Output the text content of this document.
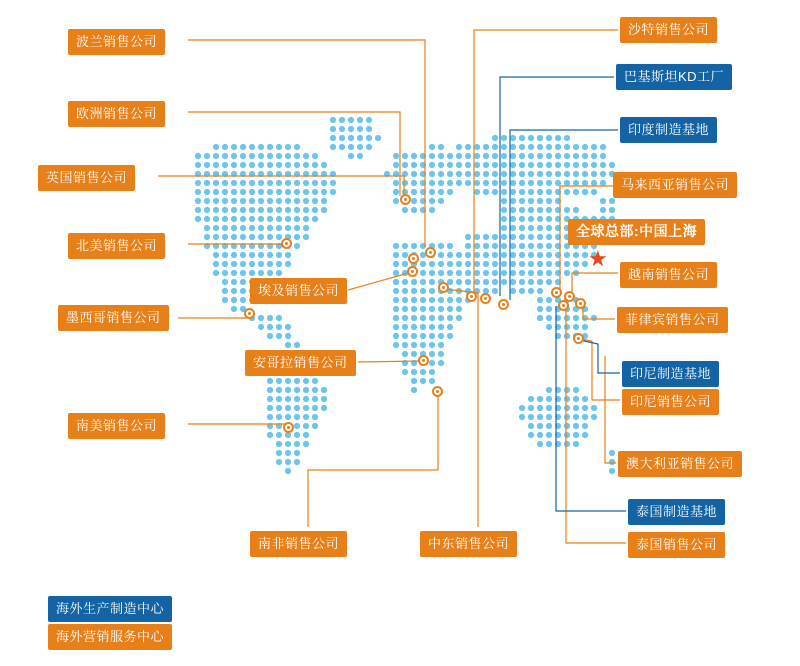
★
全球总部:中国上海
波兰销售公司
欧洲销售公司
英国销售公司
北美销售公司
埃及销售公司
墨西哥销售公司
安哥拉销售公司
南美销售公司
南非销售公司	中东销售公司
沙特销售公司
巴基斯坦KD工厂
印度制造基地
马来西亚销售公司
越南销售公司
菲律宾销售公司
印尼制造基地
印尼销售公司
澳大利亚销售公司
泰国制造基地
泰国销售公司
海外生产制造中心
海外营销服务中心
